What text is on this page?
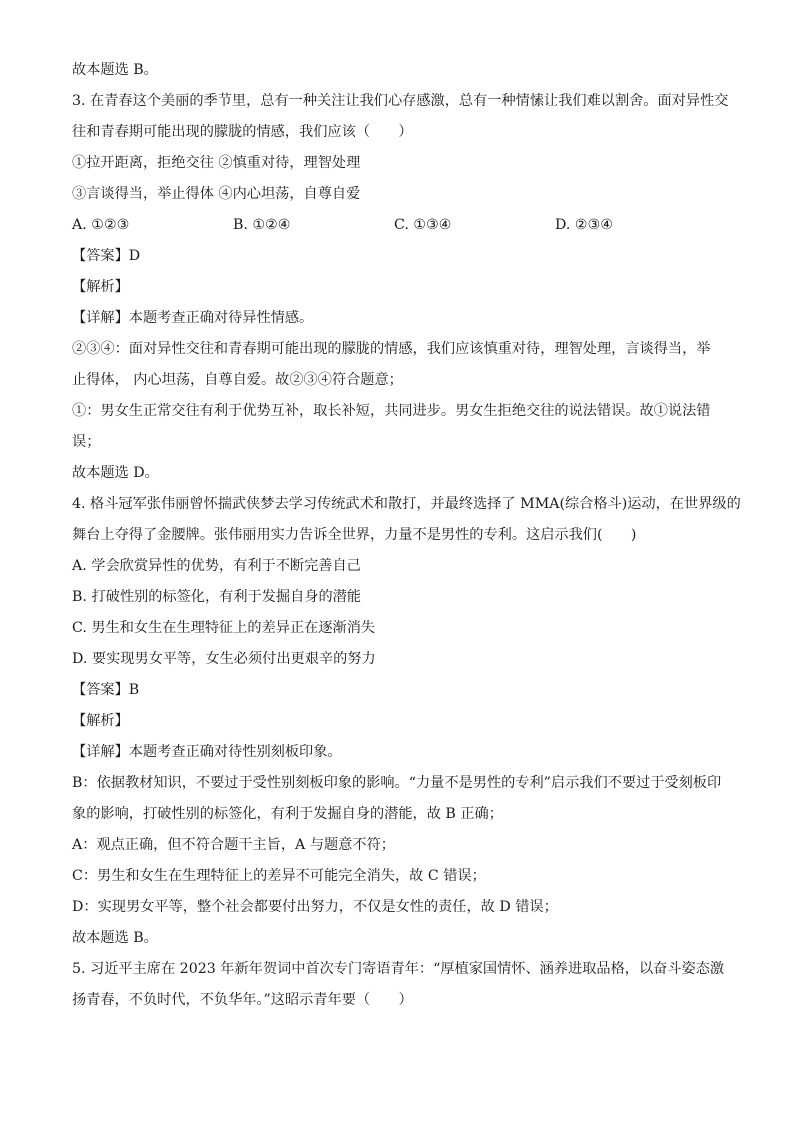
故本题选 B。

3. 在青春这个美丽的季节里，总有一种关注让我们心存感激，总有一种情愫让我们难以割舍。面对异性交

往和青春期可能出现的朦胧的情感，我们应该（　　）

①拉开距离，拒绝交往 ②慎重对待，理智处理

③言谈得当，举止得体 ④内心坦荡，自尊自爱

A. ①②③	B. ①②④	C. ①③④	D. ②③④

【答案】D

【解析】

【详解】本题考查正确对待异性情感。

②③④：面对异性交往和青春期可能出现的朦胧的情感，我们应该慎重对待，理智处理，言谈得当，举

止得体， 内心坦荡，自尊自爱。故②③④符合题意；

①：男女生正常交往有利于优势互补，取长补短，共同进步。男女生拒绝交往的说法错误。故①说法错

误；

故本题选 D。

4. 格斗冠军张伟丽曾怀揣武侠梦去学习传统武术和散打，并最终选择了 MMA(综合格斗)运动，在世界级的

舞台上夺得了金腰牌。张伟丽用实力告诉全世界，力量不是男性的专利。这启示我们(　　)

A. 学会欣赏异性的优势，有利于不断完善自己

B. 打破性别的标签化，有利于发掘自身的潜能

C. 男生和女生在生理特征上的差异正在逐渐消失

D. 要实现男女平等，女生必须付出更艰辛的努力

【答案】B

【解析】

【详解】本题考查正确对待性别刻板印象。

B：依据教材知识，不要过于受性别刻板印象的影响。“力量不是男性的专利”启示我们不要过于受刻板印

象的影响，打破性别的标签化，有利于发掘自身的潜能，故 B 正确；

A：观点正确，但不符合题干主旨，A 与题意不符；

C：男生和女生在生理特征上的差异不可能完全消失，故 C 错误；

D：实现男女平等，整个社会都要付出努力，不仅是女性的责任，故 D 错误；

故本题选 B。

5. 习近平主席在 2023 年新年贺词中首次专门寄语青年：“厚植家国情怀、涵养进取品格，以奋斗姿态激

扬青春，不负时代，不负华年。”这昭示青年要（　　）
